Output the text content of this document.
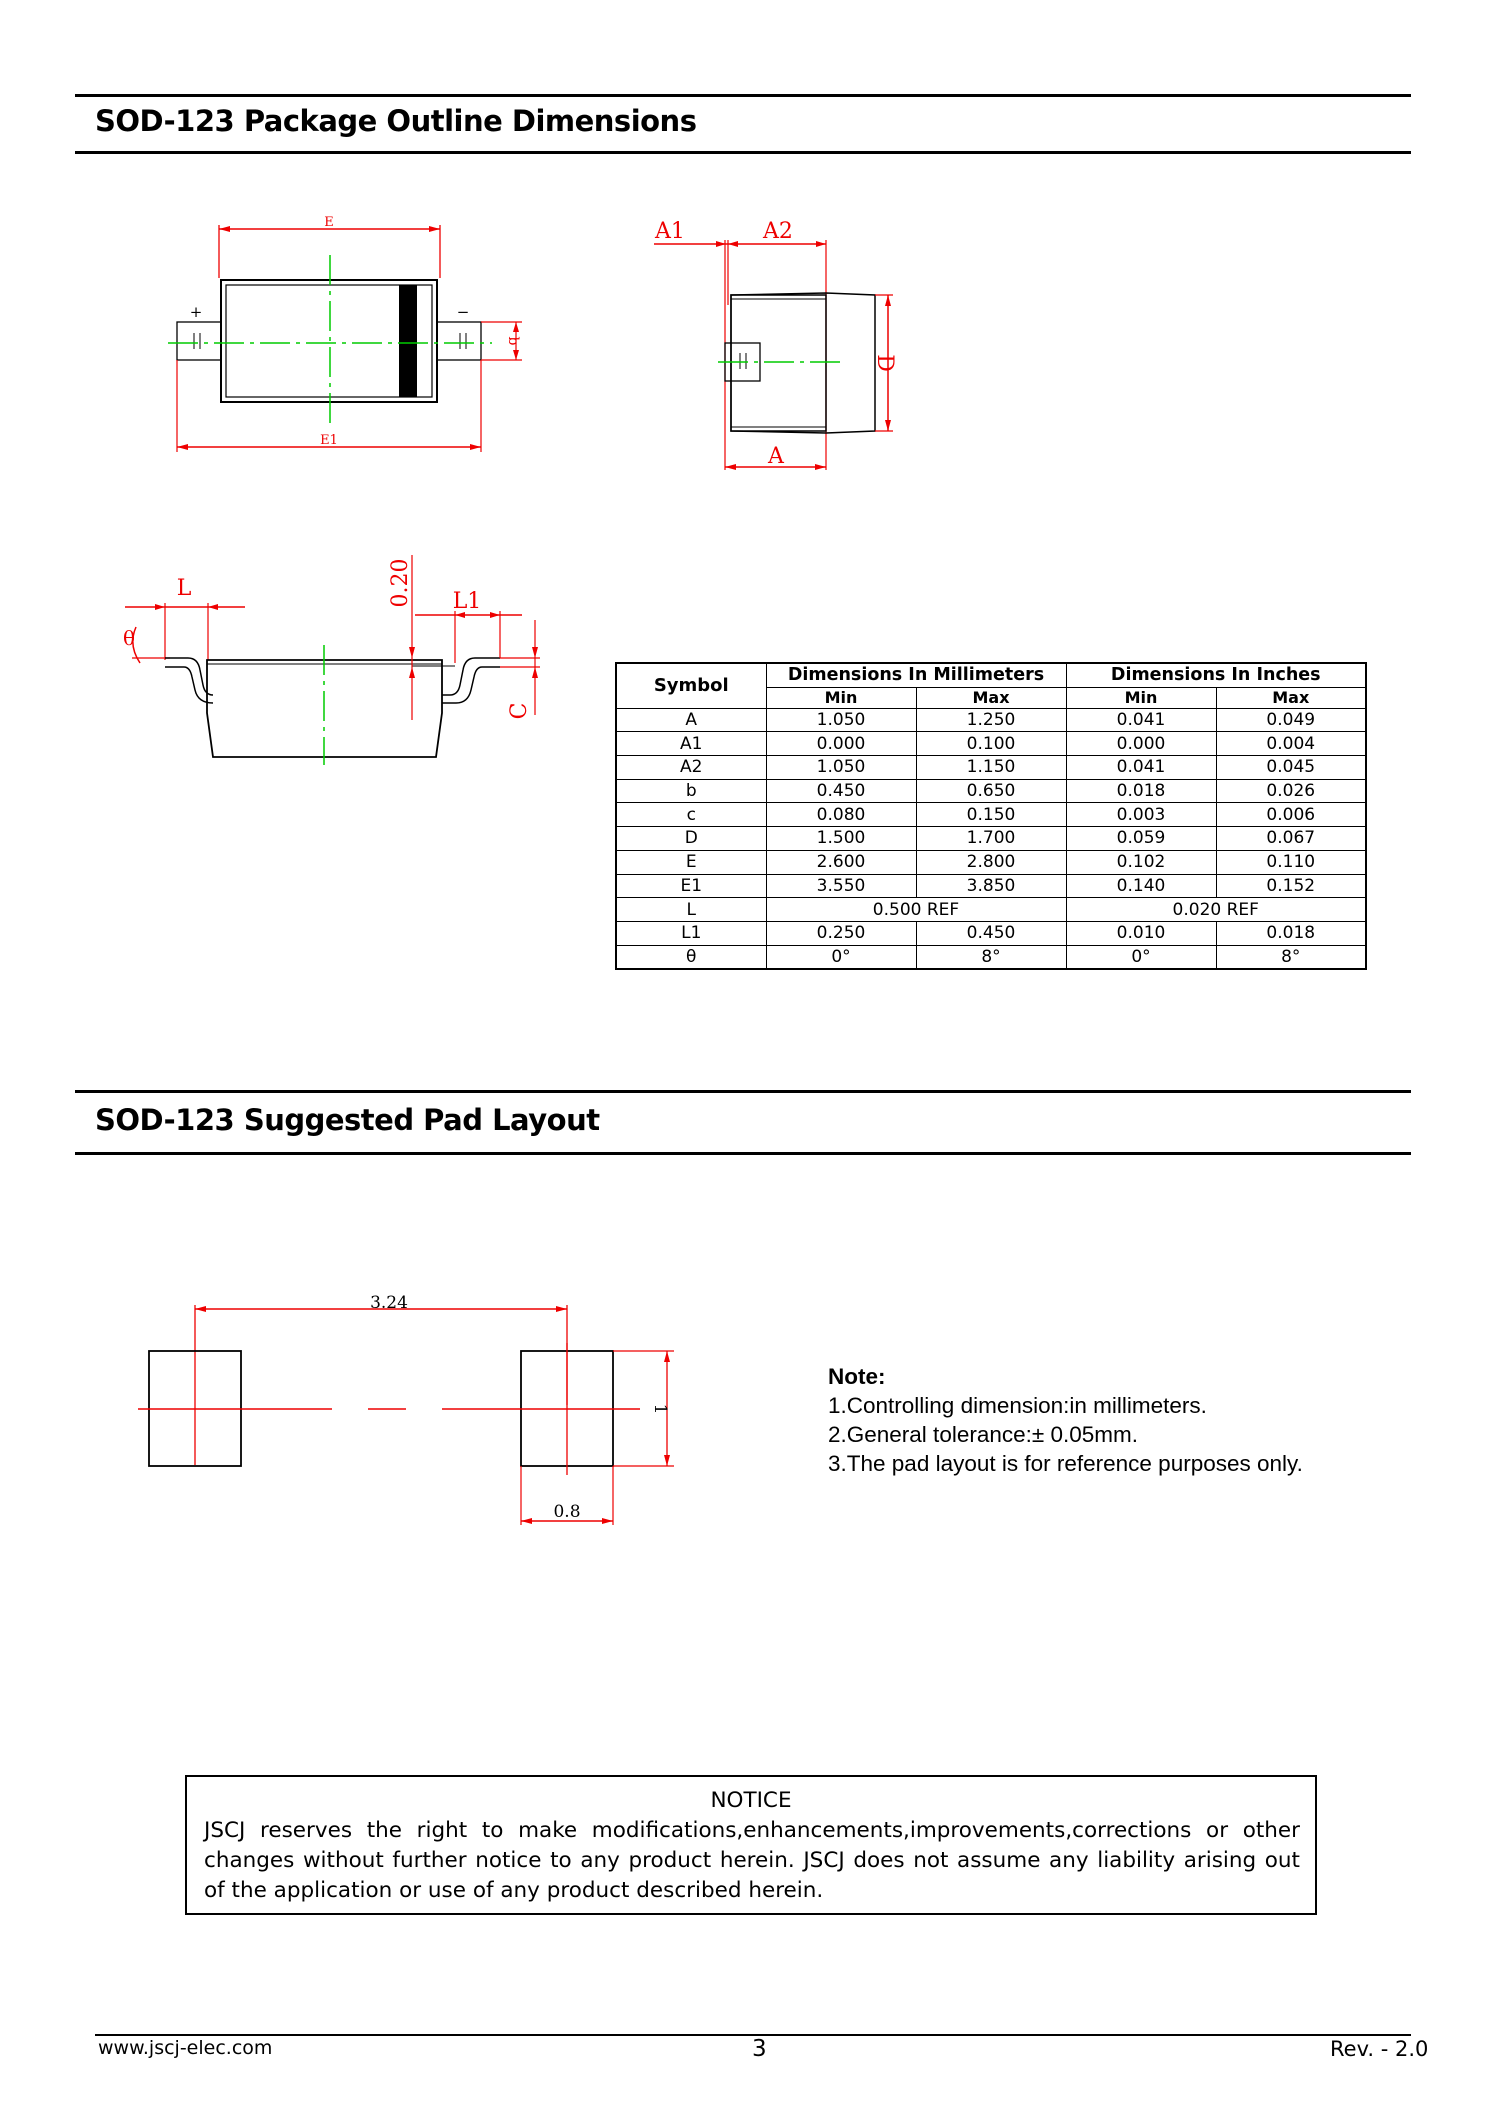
SOD-123 Package Outline Dimensions
E
+	−
b
E1
A1	A2
D
A
L
θ
0.20 L1
C
Symbol	Dimensions In Millimeters		Dimensions In Inches	
	Min	Max	Min	Max
A	1.050	1.250	0.041	0.049
A1	0.000	0.100	0.000	0.004
A2	1.050	1.150	0.041	0.045
b	0.450	0.650	0.018	0.026
c	0.080	0.150	0.003	0.006
D	1.500	1.700	0.059	0.067
E	2.600	2.800	0.102	0.110
E1	3.550	3.850	0.140	0.152
L	0.500 REF		0.020 REF	
L1	0.250	0.450	0.010	0.018
θ	0°	8°	0°	8°
SOD-123 Suggested Pad Layout
3.24
1
0.8
Note:
1.Controlling dimension:in millimeters.
2.General tolerance:± 0.05mm.
3.The pad layout is for reference purposes only.
NOTICE
JSCJ reserves the right to make modifications,enhancements,improvements,corrections or other changes without further notice to any product herein. JSCJ does not assume any liability arising out of the application or use of any product described herein.
www.jscj-elec.com	3	Rev. - 2.0
